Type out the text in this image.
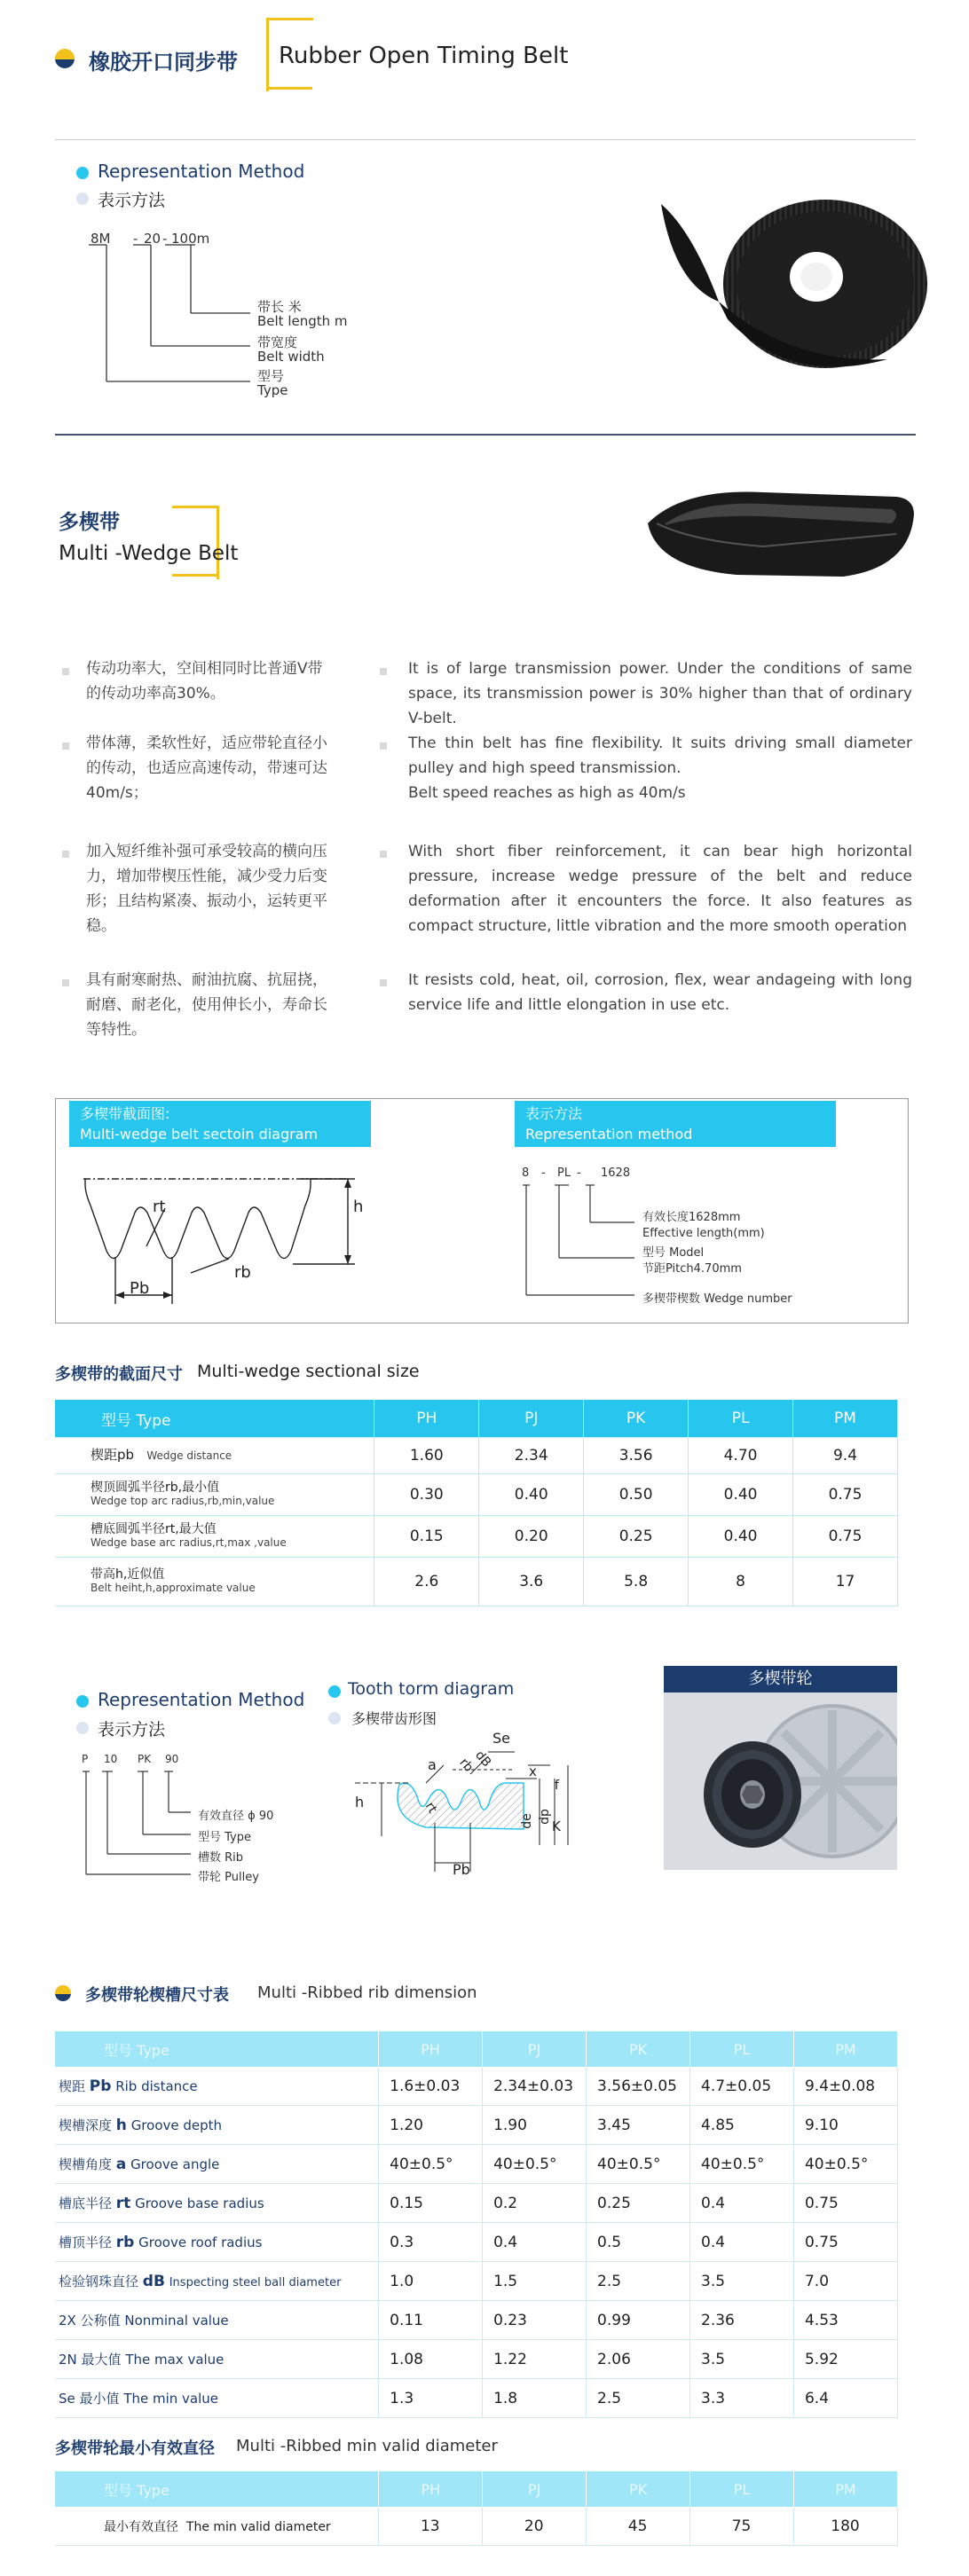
橡胶开口同步带 Rubber Open Timing Belt
Representation Method
表示方法
8M - 20 - 100m
带长 米
Belt length m
带宽度
Belt width
型号
Type
多楔带
Multi -Wedge Belt
传动功率大，空间相同时比普通V带的传动功率高30%。
It is of large transmission power. Under the conditions of same space, its transmission power is 30% higher than that of ordinary V-belt.
带体薄，柔软性好，适应带轮直径小的传动，也适应高速传动，带速可达40m/s；
The thin belt has fine flexibility. It suits driving small diameter pulley and high speed transmission.
Belt speed reaches as high as 40m/s
加入短纤维补强可承受较高的横向压力，增加带楔压性能，减少受力后变形；且结构紧凑、振动小，运转更平稳。
With short fiber reinforcement, it can bear high horizontal pressure, increase wedge pressure of the belt and reduce deformation after it encounters the force. It also features as compact structure, little vibration and the more smooth operation
具有耐寒耐热、耐油抗腐、抗屈挠，耐磨、耐老化，使用伸长小，寿命长等特性。
It resists cold, heat, oil, corrosion, flex, wear andageing with long service life and little elongation in use etc.
多楔带截面图:
Multi-wedge belt sectoin diagram
表示方法
Representation method
rt	h
Pb
rb
8 - PL - 1628
有效长度1628mm
Effective length(mm)
型号 Model
节距Pitch4.70mm
多楔带楔数 Wedge number
多楔带的截面尺寸 Multi-wedge sectional size
型号 Type	PH	PJ	PK	PL	PM
楔距pb Wedge distance	1.60	2.34	3.56	4.70	9.4

楔顶圆弧半径rb,最小值
Wedge top arc radius,rb,min,value	0.30	0.40	0.50	0.40	0.75

槽底圆弧半径rt,最大值
Wedge base arc radius,rt,max ,value	0.15	0.20	0.25	0.40	0.75

带高h,近似值
Belt heiht,h,approximate value	2.6	3.6	5.8	8	17
Representation Method
表示方法
P 10 PK 90
有效直径 ϕ 90
型号 Type
槽数 Rib
带轮 Pulley
Tooth torm diagram
多楔带齿形图
Se
a rb
dB
x
h	rt
f
de dp
K
Pb
多楔带轮
多楔带轮楔槽尺寸表 Multi -Ribbed rib dimension
型号 Type	PH	PJ	PK	PL	PM
楔距 Pb Rib distance	1.6±0.03	2.34±0.03	3.56±0.05	4.7±0.05	9.4±0.08
楔槽深度 h Groove depth	1.20	1.90	3.45	4.85	9.10
楔槽角度 a Groove angle	40±0.5°	40±0.5°	40±0.5°	40±0.5°	40±0.5°
槽底半径 rt Groove base radius	0.15	0.2	0.25	0.4	0.75
槽顶半径 rb Groove roof radius	0.3	0.4	0.5	0.4	0.75
检验钢珠直径 dB Inspecting steel ball diameter	1.0	1.5	2.5	3.5	7.0
2X 公称值 Nonminal value	0.11	0.23	0.99	2.36	4.53
2N 最大值 The max value	1.08	1.22	2.06	3.5	5.92
Se 最小值 The min value	1.3	1.8	2.5	3.3	6.4
多楔带轮最小有效直径 Multi -Ribbed min valid diameter
型号 Type	PH	PJ	PK	PL	PM
最小有效直径 The min valid diameter	13	20	45	75	180
